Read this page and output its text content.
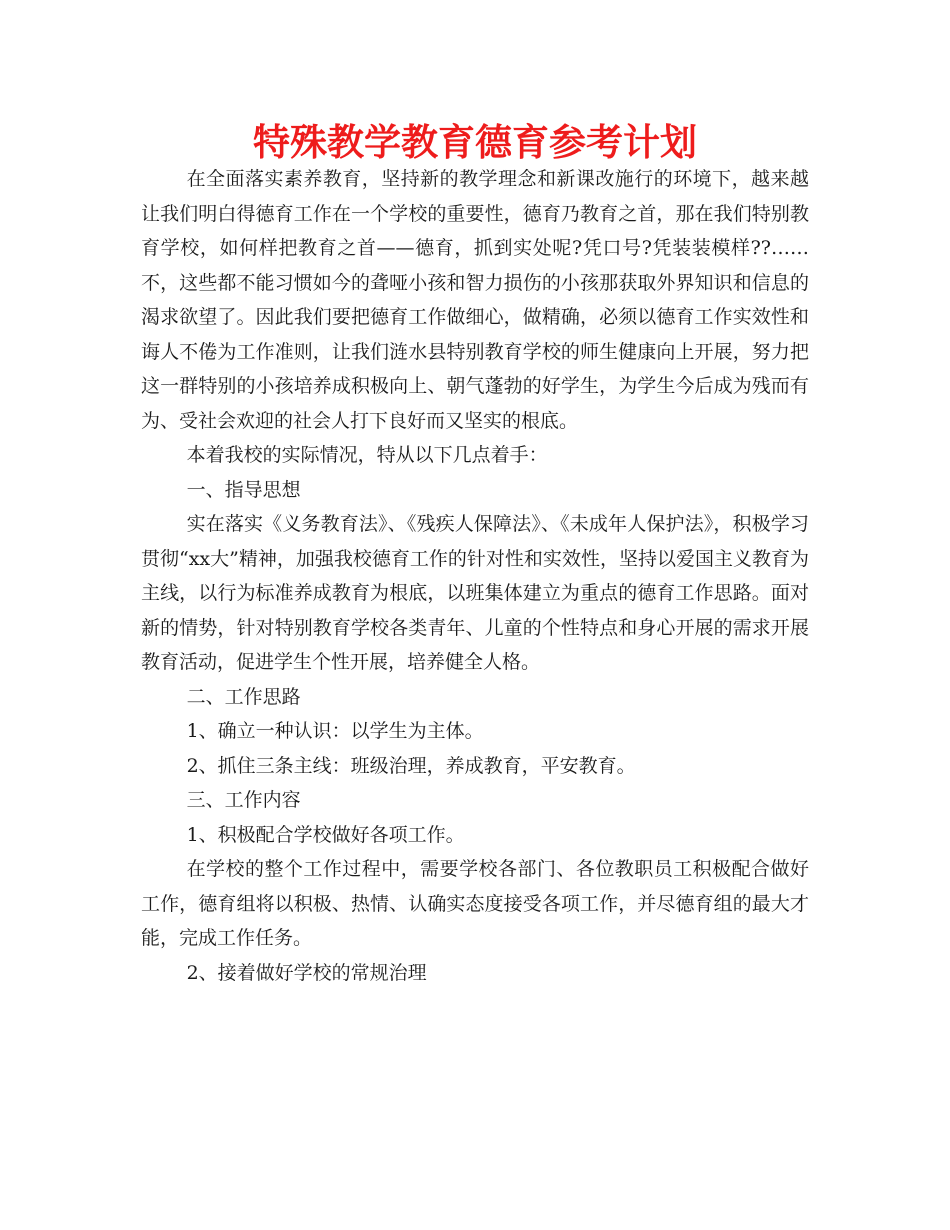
特殊教学教育德育参考计划

在全面落实素养教育，坚持新的教学理念和新课改施行的环境下，越来越让我们明白得德育工作在一个学校的重要性，德育乃教育之首，那在我们特别教育学校，如何样把教育之首——德育，抓到实处呢?凭口号?凭装装模样??……不，这些都不能习惯如今的聋哑小孩和智力损伤的小孩那获取外界知识和信息的渴求欲望了。因此我们要把德育工作做细心，做精确，必须以德育工作实效性和诲人不倦为工作准则，让我们涟水县特别教育学校的师生健康向上开展，努力把这一群特别的小孩培养成积极向上、朝气蓬勃的好学生，为学生今后成为残而有为、受社会欢迎的社会人打下良好而又坚实的根底。

本着我校的实际情况，特从以下几点着手：

一、指导思想

实在落实《义务教育法》、《残疾人保障法》、《未成年人保护法》，积极学习贯彻“xx大”精神，加强我校德育工作的针对性和实效性，坚持以爱国主义教育为主线，以行为标准养成教育为根底，以班集体建立为重点的德育工作思路。面对新的情势，针对特别教育学校各类青年、儿童的个性特点和身心开展的需求开展教育活动，促进学生个性开展，培养健全人格。

二、工作思路

1、确立一种认识：以学生为主体。

2、抓住三条主线：班级治理，养成教育，平安教育。

三、工作内容

1、积极配合学校做好各项工作。

在学校的整个工作过程中，需要学校各部门、各位教职员工积极配合做好工作，德育组将以积极、热情、认确实态度接受各项工作，并尽德育组的最大才能，完成工作任务。

2、接着做好学校的常规治理
